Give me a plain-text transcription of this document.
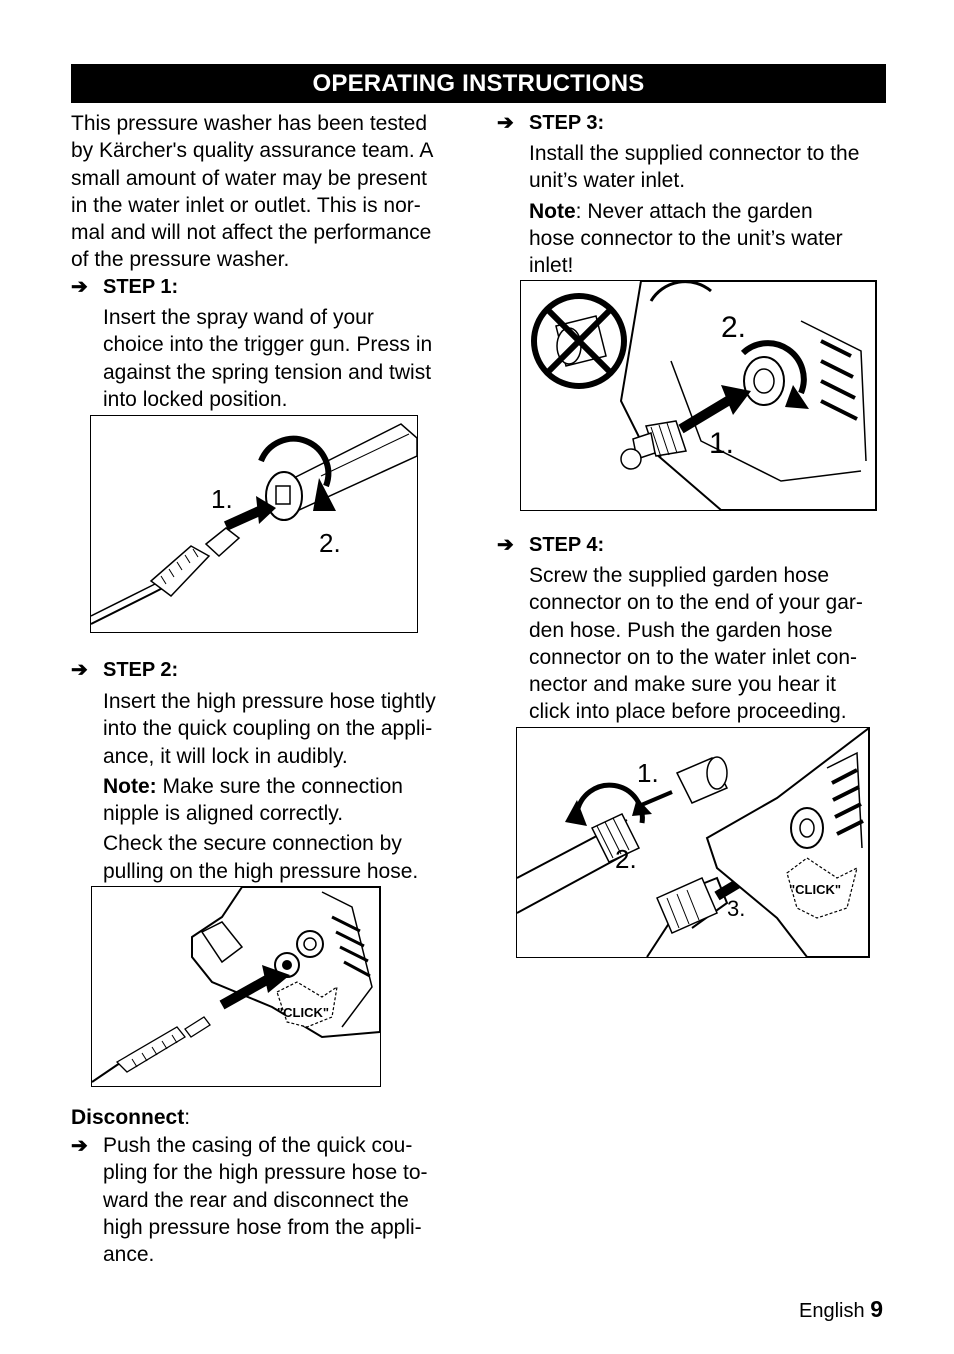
OPERATING INSTRUCTIONS
This pressure washer has been tested
by Kärcher's quality assurance team. A
small amount of water may be present
in the water inlet or outlet. This is nor-
mal and will not affect the performance
of the pressure washer.
➔ STEP 1:
Insert the spray wand of your
choice into the trigger gun. Press in
against the spring tension and twist
into locked position.
1.
2.
➔ STEP 2:
Insert the high pressure hose tightly
into the quick coupling on the appli-
ance, it will lock in audibly.
Note: Make sure the connection
nipple is aligned correctly.
Check the secure connection by
pulling on the high pressure hose.
"CLICK"
Disconnect:
➔ Push the casing of the quick cou-
pling for the high pressure hose to-
ward the rear and disconnect the
high pressure hose from the appli-
ance.
➔ STEP 3:
Install the supplied connector to the
unit’s water inlet.
Note: Never attach the garden
hose connector to the unit’s water
inlet!
2.
1.
➔ STEP 4:
Screw the supplied garden hose
connector on to the end of your gar-
den hose. Push the garden hose
connector on to the water inlet con-
nector and make sure you hear it
click into place before proceeding.
1.
2.
3.
"CLICK"
English 9
